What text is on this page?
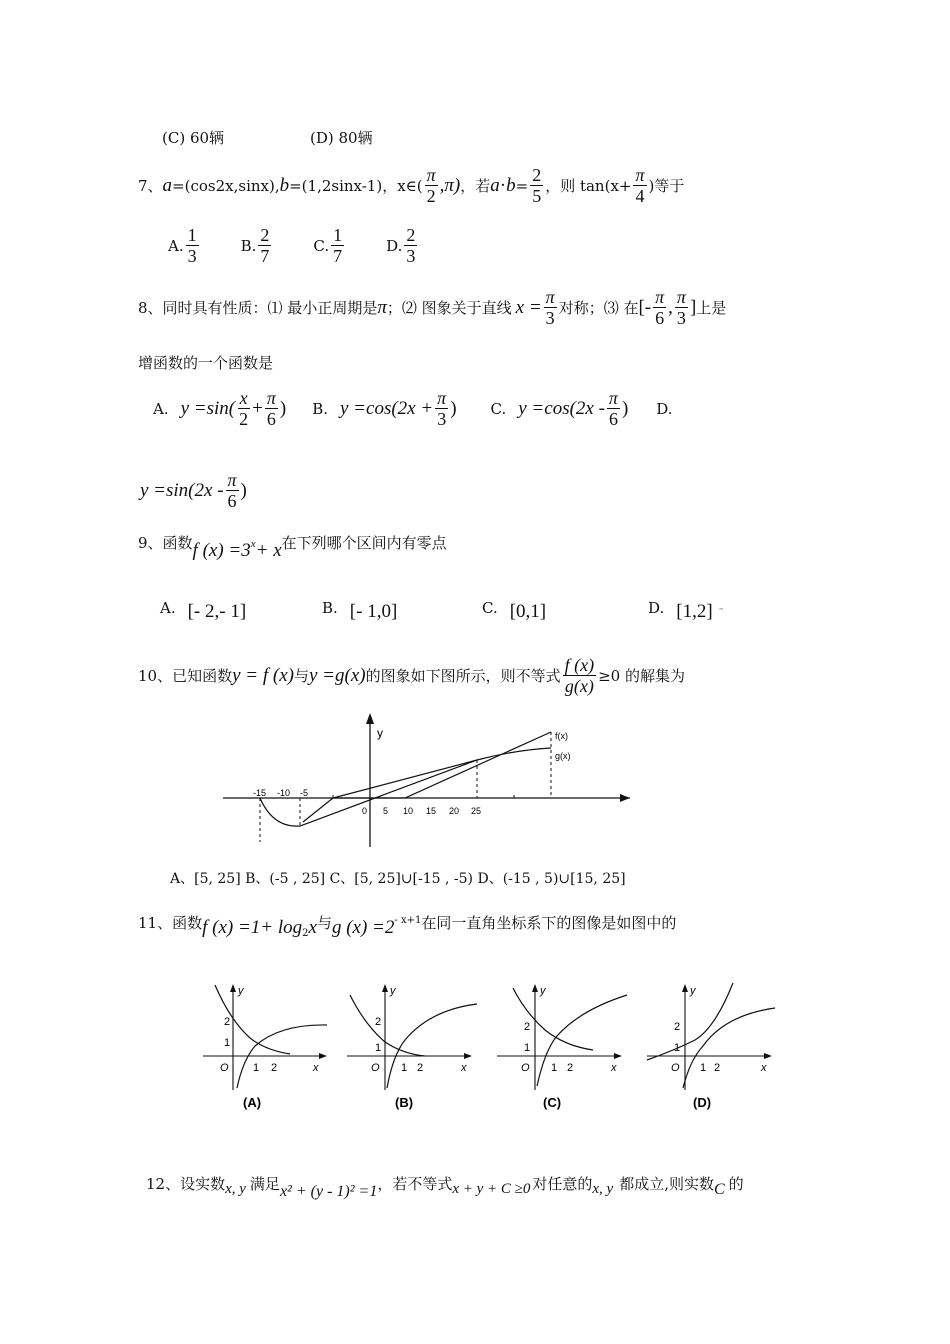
(C) 60辆	(D) 80辆
7、 a =(cos2x,sinx), b =(1,2sinx-1)，x∈( $\frac{\pi}{2} ,\pi$) ，若 $a \cdot b = \frac{2}{5}$ ，则 $\tan(x+ \frac{\pi}{4}$ )等于
A. $\frac{1}{3}$	B. $\frac{2}{7}$	C. $\frac{1}{7}$	D. $\frac{2}{3}$
8、同时具有性质：⑴ 最小正周期是 π ；⑵ 图象关于直线 $x = \frac{\pi}{3}$ 对称；⑶ 在 [- $\frac{\pi}{6}$ , $\frac{\pi}{3}$ ] 上是
增函数的一个函数是
A. $y =\sin( \frac{x}{2} + \frac{\pi}{6}$ ) B. $y =\cos(2x + \frac{\pi}{3}$ ) C. $y =\cos(2x - \frac{\pi}{6}$ ) D.
$y =\sin(2x - \frac{\pi}{6}$ )
9、函数 f (x) =3 x + x 在下列哪个区间内有零点
A. [- 2,- 1]	B. [- 1,0]	C. [0,1]	D. [1,2] -
10、已知函数 y = f (x) 与 y =g(x) 的图象如下图所示，则不等式 $\frac{f (x)}{g(x)} \ge 0$ 的解集为
y	f(x)
g(x)
-15 -10 -5
0 5 10 15 20 25
A、[5, 25] B、(-5 , 25] C、[5, 25]∪[-15 , -5) D、(-15 , 5)∪[15, 25]
11、函数 f (x) =1+ log 2 x 与 g (x) =2 - x+1 在同一直角坐标系下的图像是如图中的
y
x
O
1
2
1 2
(A)
y
x
O
1
2
1 2
(B)
y
x
O
1
2
1 2
(C)
y
x
O
1
2
1 2
(D)
12、设实数 x, y 满足 x² + (y - 1)² =1 ，若不等式 x + y + C ≥0 对任意的 x, y 都成立,则实数 C 的
